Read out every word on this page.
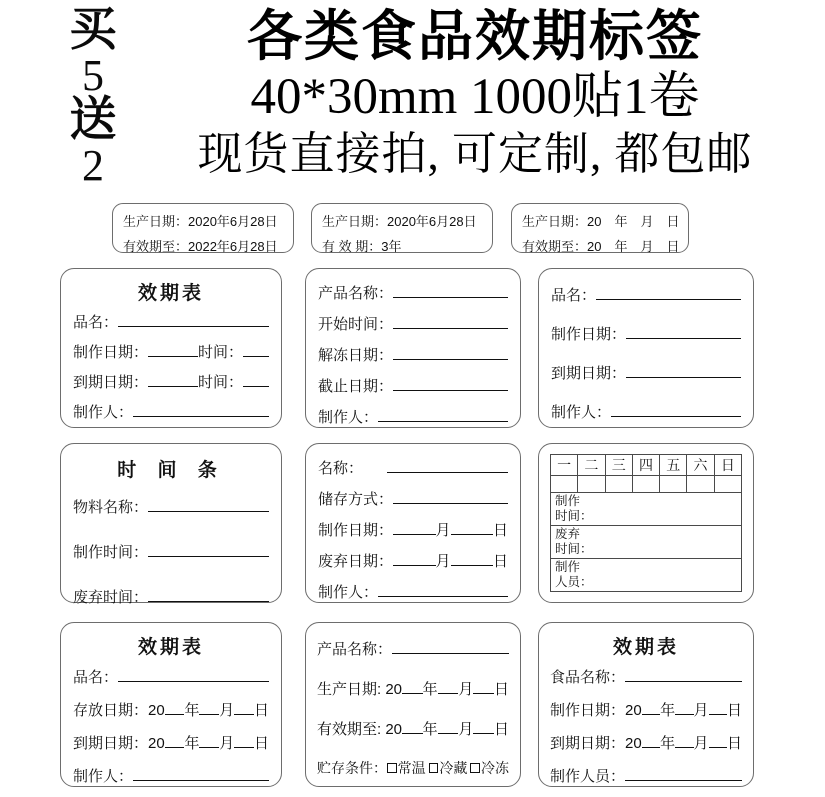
买
5
送
2
各类食品效期标签
40*30mm 1000贴1卷
现货直接拍, 可定制, 都包邮
生产日期：2020年6月28日
有效期至：2022年6月28日
生产日期：2020年6月28日
有 效 期：3年
生产日期：20　年　月　日
有效期至：20　年　月　日
效期表
品名：
制作日期：	时间：
到期日期：	时间：
制作人：
产品名称：
开始时间：
解冻日期：
截止日期：
制作人：
品名：
制作日期：
到期日期：
制作人：
时 间 条
物料名称：
制作时间：
废弃时间：
名称：
储存方式：
制作日期：	月	日
废弃日期：	月	日
制作人：
一	二	三	四	五	六	日

制作
时间：						

废弃
时间：						

制作
人员：						
效期表
品名：
存放日期：20 年 月 日
到期日期：20 年 月 日
制作人：
产品名称：
生产日期: 20 年 月 日
有效期至: 20 年 月 日
贮存条件： 常温 冷藏 冷冻
效期表
食品名称：
制作日期：20 年 月 日
到期日期：20 年 月 日
制作人员：
